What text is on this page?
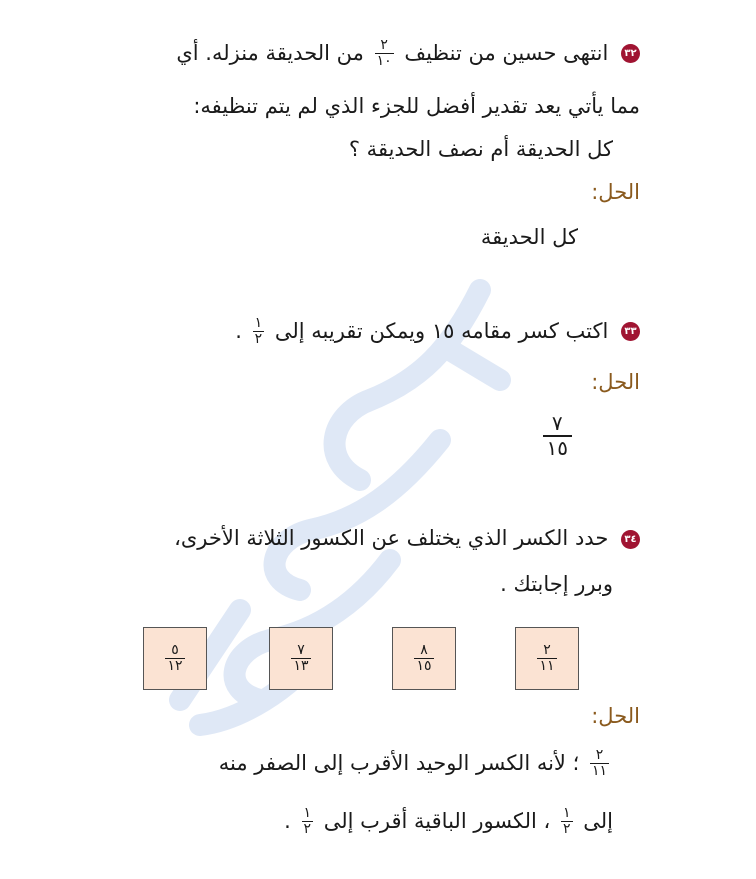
٣٢ انتهى حسين من تنظيف
$\frac{٢}{١٠}$
من الحديقة منزله. أي
مما يأتي يعد تقدير أفضل للجزء الذي لم يتم تنظيفه:
كل الحديقة أم نصف الحديقة ؟
الحل:
كل الحديقة
٣٣ اكتب كسر مقامه ١٥ ويمكن تقريبه إلى
$\frac{١}{٢}$
.
الحل:
$\frac{٧}{١٥}$
٣٤ حدد الكسر الذي يختلف عن الكسور الثلاثة الأخرى،
وبرر إجابتك .
$\frac{٢}{١١}$
$\frac{٨}{١٥}$
$\frac{٧}{١٣}$
$\frac{٥}{١٢}$
الحل:
$\frac{٢}{١١}$
؛ لأنه الكسر الوحيد الأقرب إلى الصفر منه
إلى
$\frac{١}{٢}$
، الكسور الباقية أقرب إلى
$\frac{١}{٢}$
.
